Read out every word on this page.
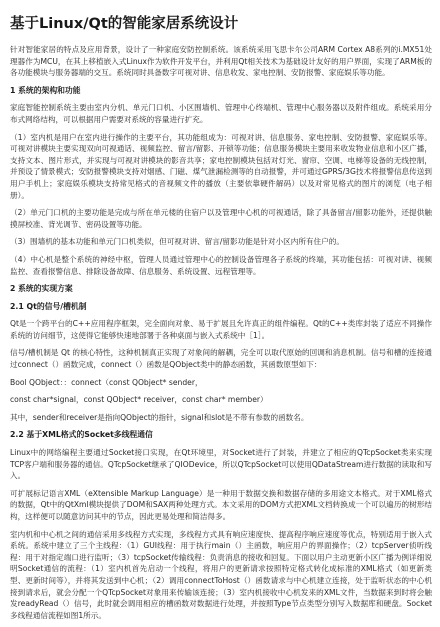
基于Linux/Qt的智能家居系统设计

针对智能家居的特点及应用背景，设计了一种家庭安防控制系统。该系统采用飞思卡尔公司ARM Cortex A8系列的i.MX51处理器作为MCU，在其上移植嵌入式Linux作为软件开发平台，并利用Qt相关技术为基础设计友好的用户界面，实现了ARM板的各功能模块与服务器端的交互。系统同时具备数字可视对讲、信息收发、家电控制、安防报警、家庭娱乐等功能。

1 系统的架构和功能

家庭智能控制系统主要由室内分机、单元门口机、小区围墙机、管理中心终端机、管理中心服务器以及附件组成。系统采用分布式网络结构，可以根据用户需要对系统的容量进行扩充。

（1）室内机是用户在室内进行操作的主要平台，其功能组成为：可视对讲、信息服务、家电控制、安防报警、家庭娱乐等。可视对讲模块主要实现双向可视通话、视频监控、留言/留影、开锁等功能；信息服务模块主要用来收发物业信息和小区广播，支持文本、图片形式，并实现与可视对讲模块的影音共享；家电控制模块包括对灯光、窗帘、空调、电梯等设备的无线控制，并预设了情景模式；安防报警模块支持对烟感、门磁、煤气泄漏检测等的自动报警，并可通过GPRS/3G技术将报警信息传送到用户手机上；家庭娱乐模块支持常见格式的音视频文件的播放（主要依靠硬件解码）以及对常见格式的图片的浏览（电子相册）。

（2）单元门口机的主要功能是完成与所在单元楼的住宿户以及管理中心机的可视通话，除了具备留言/留影功能外，还提供触摸屏校准、背光调节、密码设置等功能。

（3）围墙机的基本功能和单元门口机类似，但可视对讲、留言/留影功能是针对小区内所有住户的。

（4）中心机是整个系统的神经中枢，管理人员通过管理中心的控制设备管理各子系统的终端，其功能包括：可视对讲、视频监控、查看报警信息、排除设备故障、信息服务、系统设置、远程管理等。

2 系统的实现方案

2.1 Qt的信号/槽机制

Qt是一个跨平台的C++应用程序框架，完全面向对象、易于扩展且允许真正的组件编程。Qt的C++类库封装了适应不同操作系统的访问细节，这使得它能够快速地部署于各种桌面与嵌入式系统中［1］。

信号/槽机制是 Qt 的核心特性，这种机制真正实现了对象间的解耦，完全可以取代原始的回调和消息机制。信号和槽的连接通过connect（）函数完成，connect（）函数是QObject类中的静态函数，其函数原型如下：

Bool QObject：：connect（const QObject* sender，

const char*signal，const QObject* receiver，const char* member）

其中，sender和receiver是指向QObject的指针，signal和slot是不带有参数的函数名。

2.2 基于XML格式的Socket多线程通信

Linux中的网络编程主要通过Socket接口实现，在Qt环境里，对Socket进行了封装，并建立了相应的QTcpSocket类来实现TCP客户端和服务器的通信。QTcpSocket继承了QIODevice，所以QTcpSocket可以使用QDataStream进行数据的读取和写入。

可扩展标记语言XML（eXtensible Markup Language）是一种用于数据交换和数据存储的多用途文本格式。对于XML格式的数据，Qt中的QtXml模块提供了DOM和SAX两种处理方式。本文采用的DOM方式把XML文档转换成一个可以遍历的树形结构，这样便可以随意访问其中的节点，因此更易处理和简洁得多。

室内机和中心机之间的通信采用多线程方式实现，多线程方式具有响应速度快、提高程序响应速度等优点，特别适用于嵌入式系统。系统中建立了三个主线程：（1）GUI线程：用于执行main（）主函数，响应用户的界面操作；（2）tcpServer侦听线程：用于对指定端口进行监听；（3）tcpSocket传输线程：负责消息的接收和回复。下面以用户主动更新小区广播为例详细说明Socket通信的流程：（1）室内机首先启动一个线程，将用户的更新请求按照特定格式转化成标准的XML格式（如更新类型、更新时间等），并将其发送到中心机；（2）调用connectToHost（）函数请求与中心机建立连接，处于监听状态的中心机接到请求后，就会分配一个QTcpSocket对象用来传输该连接；（3）室内机接收中心机发来的XML文件，当数据来到时将会触发readyRead（）信号，此时就会调用相应的槽函数对数据进行处理，并按照Type节点类型分别写入数据库和硬盘。Socket多线程通信流程如图1所示。
